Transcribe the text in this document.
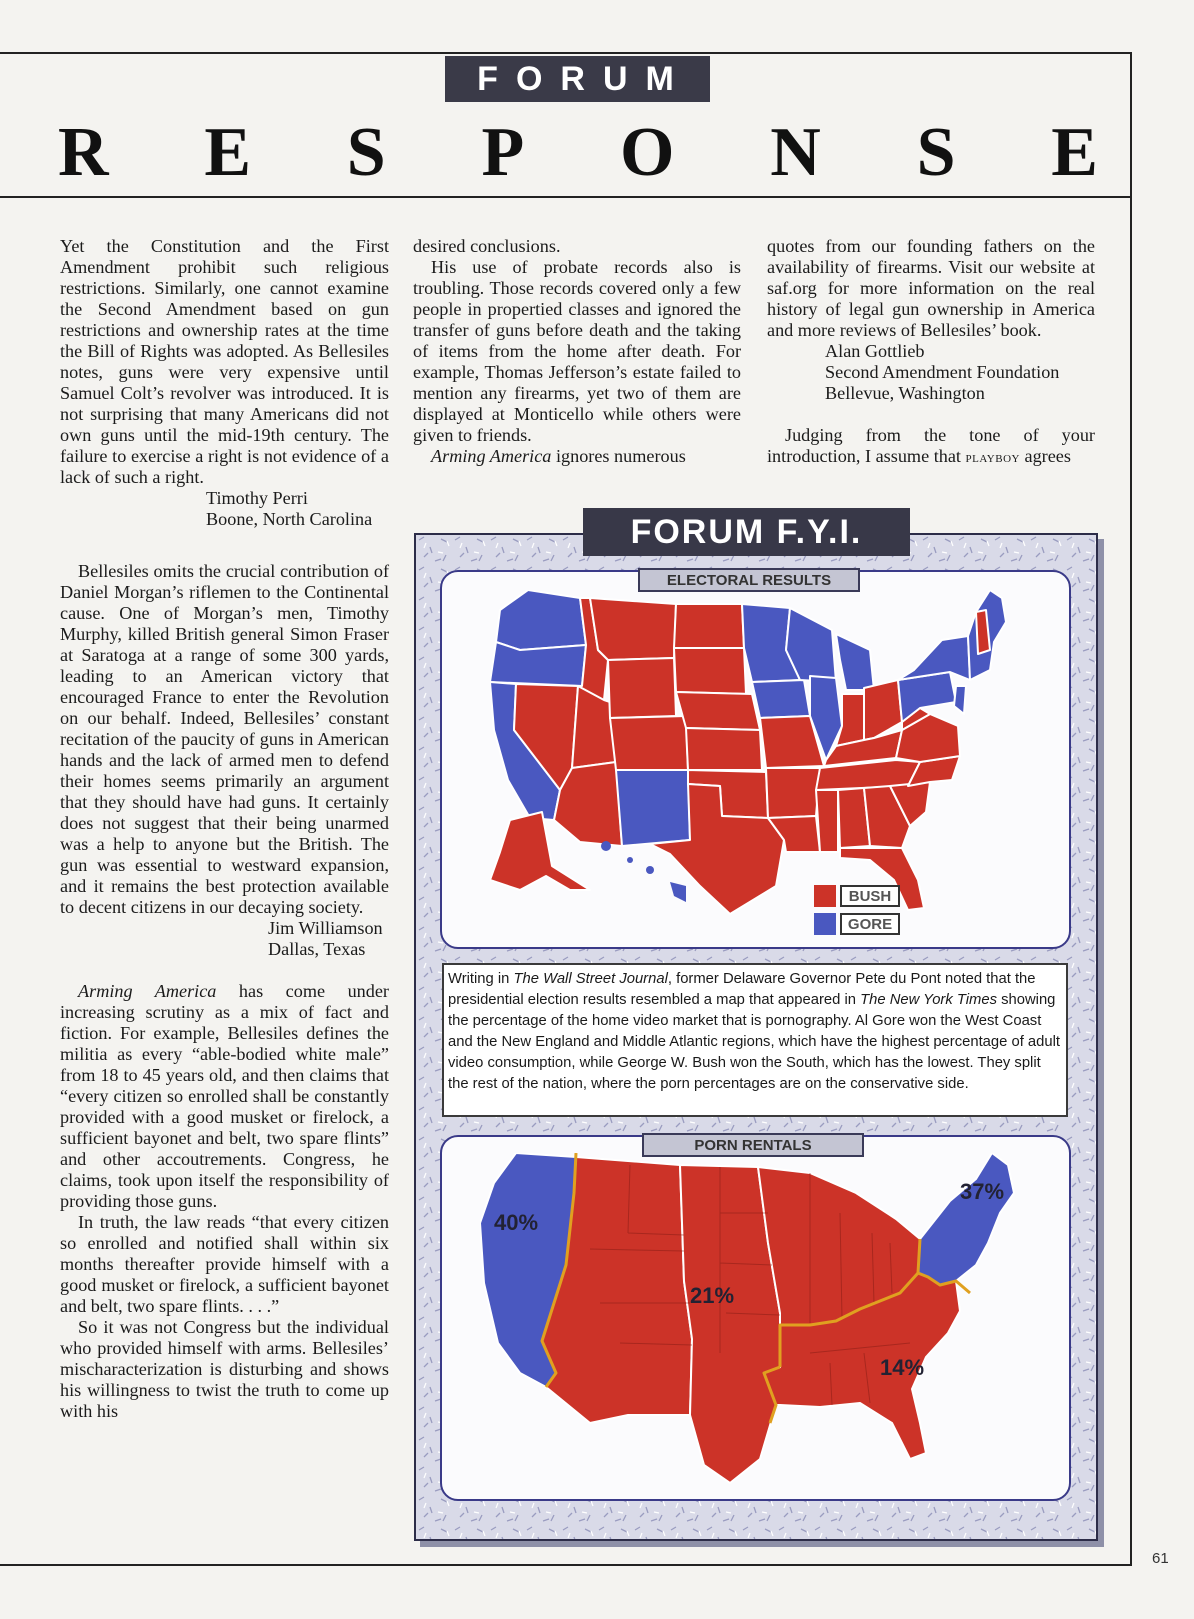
FORUM
R E S P O N S E

Yet the Constitution and the First Amendment prohibit such religious restrictions. Similarly, one cannot examine the Second Amendment based on gun restrictions and ownership rates at the time the Bill of Rights was adopted. As Bellesiles notes, guns were very expensive until Samuel Colt’s revolver was introduced. It is not surprising that many Americans did not own guns until the mid-19th century. The failure to exercise a right is not evidence of a lack of such a right.

Timothy Perri

Boone, North Carolina

Bellesiles omits the crucial contribution of Daniel Morgan’s riflemen to the Continental cause. One of Morgan’s men, Timothy Murphy, killed British general Simon Fraser at Saratoga at a range of some 300 yards, leading to an American victory that encouraged France to enter the Revolution on our behalf. Indeed, Bellesiles’ constant recitation of the paucity of guns in American hands and the lack of armed men to defend their homes seems primarily an argument that they should have had guns. It certainly does not suggest that their being unarmed was a help to anyone but the British. The gun was essential to westward expansion, and it remains the best protection available to decent citizens in our decaying society.

Jim Williamson

Dallas, Texas

Arming America has come under increasing scrutiny as a mix of fact and fiction. For example, Bellesiles defines the militia as every “able-bodied white male” from 18 to 45 years old, and then claims that “every citizen so enrolled shall be constantly provided with a good musket or firelock, a sufficient bayonet and belt, two spare flints” and other accoutrements. Congress, he claims, took upon itself the responsibility of providing those guns.

In truth, the law reads “that every citizen so enrolled and notified shall within six months thereafter provide himself with a good musket or firelock, a sufficient bayonet and belt, two spare flints. . . .”

So it was not Congress but the individual who provided himself with arms. Bellesiles’ mischaracterization is disturbing and shows his willingness to twist the truth to come up with his

desired conclusions.

His use of probate records also is troubling. Those records covered only a few people in propertied classes and ignored the transfer of guns before death and the taking of items from the home after death. For example, Thomas Jefferson’s estate failed to mention any firearms, yet two of them are displayed at Monticello while others were given to friends.

Arming America ignores numerous

quotes from our founding fathers on the availability of firearms. Visit our website at saf.org for more information on the real history of legal gun ownership in America and more reviews of Bellesiles’ book.

Alan Gottlieb

Second Amendment Foundation

Bellevue, Washington

Judging from the tone of your introduction, I assume that playboy agrees

FORUM F.Y.I.
ELECTORAL RESULTS
BUSH
GORE
Writing in The Wall Street Journal, former Delaware Governor Pete du Pont noted that the presidential election results resembled a map that appeared in The New York Times showing the percentage of the home video market that is pornography. Al Gore won the West Coast and the New England and Middle Atlantic regions, which have the highest percentage of adult video consumption, while George W. Bush won the South, which has the lowest. They split the rest of the nation, where the porn percentages are on the conservative side.
PORN RENTALS
40%
37%
21%
14%
61
